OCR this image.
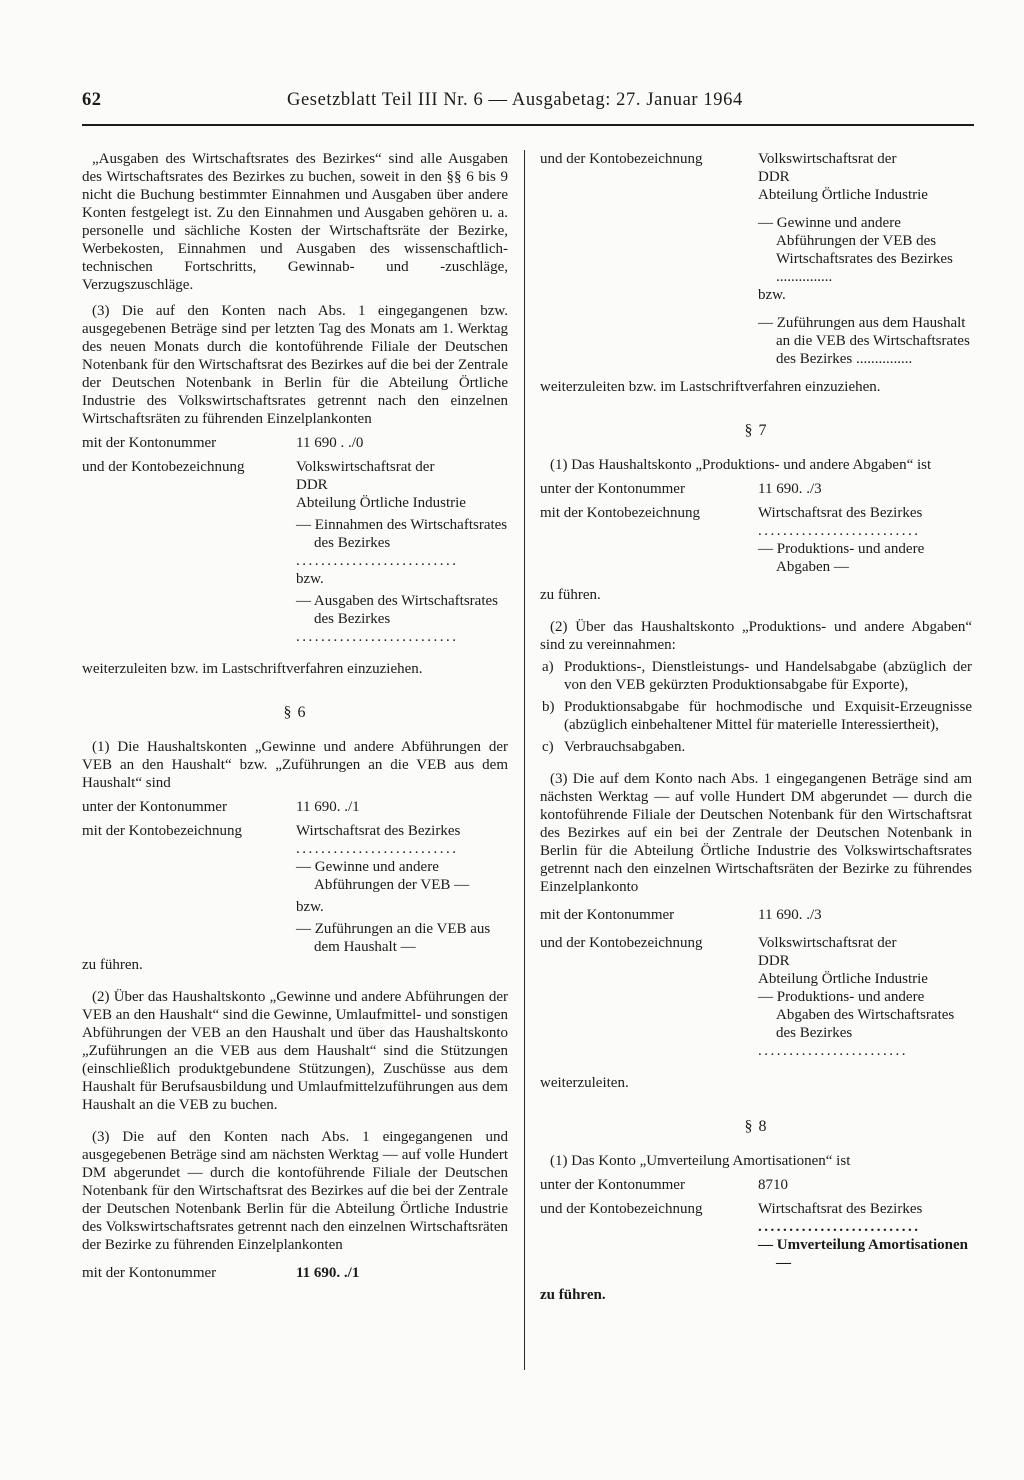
62	Gesetzblatt Teil III Nr. 6 — Ausgabetag: 27. Januar 1964

„Ausgaben des Wirtschaftsrates des Bezirkes“ sind alle Ausgaben des Wirtschaftsrates des Bezirkes zu buchen, soweit in den §§ 6 bis 9 nicht die Buchung bestimmter Einnahmen und Ausgaben über andere Konten festgelegt ist. Zu den Einnahmen und Ausgaben gehören u. a. personelle und sächliche Kosten der Wirtschaftsräte der Bezirke, Werbekosten, Einnahmen und Ausgaben des wissenschaftlich-technischen Fortschritts, Gewinnab- und -zuschläge, Verzugszuschläge.

(3) Die auf den Konten nach Abs. 1 eingegangenen bzw. ausgegebenen Beträge sind per letzten Tag des Monats am 1. Werktag des neuen Monats durch die kontoführende Filiale der Deutschen Notenbank für den Wirtschaftsrat des Bezirkes auf die bei der Zentrale der Deutschen Notenbank in Berlin für die Abteilung Örtliche Industrie des Volkswirtschaftsrates getrennt nach den einzelnen Wirtschaftsräten zu führenden Einzelplankonten

mit der Kontonummer	11 690 . ./0
und der Kontobezeichnung	Volkswirtschaftsrat der
DDR
Abteilung Örtliche Industrie
— Einnahmen des Wirtschaftsrates des Bezirkes
..........................
bzw.
— Ausgaben des Wirtschaftsrates des Bezirkes
..........................

weiterzuleiten bzw. im Lastschriftverfahren einzuziehen.

§ 6

(1) Die Haushaltskonten „Gewinne und andere Abführungen der VEB an den Haushalt“ bzw. „Zuführungen an die VEB aus dem Haushalt“ sind

unter der Kontonummer	11 690. ./1
mit der Kontobezeichnung	Wirtschaftsrat des Bezirkes
..........................
— Gewinne und andere Abführungen der VEB —
bzw.
— Zuführungen an die VEB aus dem Haushalt —

zu führen.

(2) Über das Haushaltskonto „Gewinne und andere Abführungen der VEB an den Haushalt“ sind die Gewinne, Umlaufmittel- und sonstigen Abführungen der VEB an den Haushalt und über das Haushaltskonto „Zuführungen an die VEB aus dem Haushalt“ sind die Stützungen (einschließlich produktgebundene Stützungen), Zuschüsse aus dem Haushalt für Berufsausbildung und Umlaufmittelzuführungen aus dem Haushalt an die VEB zu buchen.

(3) Die auf den Konten nach Abs. 1 eingegangenen und ausgegebenen Beträge sind am nächsten Werktag — auf volle Hundert DM abgerundet — durch die kontoführende Filiale der Deutschen Notenbank für den Wirtschaftsrat des Bezirkes auf die bei der Zentrale der Deutschen Notenbank Berlin für die Abteilung Örtliche Industrie des Volkswirtschaftsrates getrennt nach den einzelnen Wirtschaftsräten der Bezirke zu führenden Einzelplankonten

mit der Kontonummer	11 690. ./1
und der Kontobezeichnung	Volkswirtschaftsrat der
DDR
Abteilung Örtliche Industrie
— Gewinne und andere Abführungen der VEB des Wirtschaftsrates des Bezirkes ...............
bzw.
— Zuführungen aus dem Haushalt an die VEB des Wirtschaftsrates des Bezirkes ...............

weiterzuleiten bzw. im Lastschriftverfahren einzuziehen.

§ 7

(1) Das Haushaltskonto „Produktions- und andere Abgaben“ ist

unter der Kontonummer	11 690. ./3
mit der Kontobezeichnung	Wirtschaftsrat des Bezirkes
..........................
— Produktions- und andere Abgaben —

zu führen.

(2) Über das Haushaltskonto „Produktions- und andere Abgaben“ sind zu vereinnahmen:

a) Produktions-, Dienstleistungs- und Handelsabgabe (abzüglich der von den VEB gekürzten Produktionsabgabe für Exporte),
b) Produktionsabgabe für hochmodische und Exquisit-Erzeugnisse (abzüglich einbehaltener Mittel für materielle Interessiertheit),
c) Verbrauchsabgaben.

(3) Die auf dem Konto nach Abs. 1 eingegangenen Beträge sind am nächsten Werktag — auf volle Hundert DM abgerundet — durch die kontoführende Filiale der Deutschen Notenbank für den Wirtschaftsrat des Bezirkes auf ein bei der Zentrale der Deutschen Notenbank in Berlin für die Abteilung Örtliche Industrie des Volkswirtschaftsrates getrennt nach den einzelnen Wirtschaftsräten der Bezirke zu führendes Einzelplankonto

mit der Kontonummer	11 690. ./3
und der Kontobezeichnung	Volkswirtschaftsrat der
DDR
Abteilung Örtliche Industrie
— Produktions- und andere Abgaben des Wirtschaftsrates des Bezirkes
........................

weiterzuleiten.

§ 8

(1) Das Konto „Umverteilung Amortisationen“ ist

unter der Kontonummer	8710
und der Kontobezeichnung	Wirtschaftsrat des Bezirkes
..........................
— Umverteilung Amortisationen —

zu führen.
